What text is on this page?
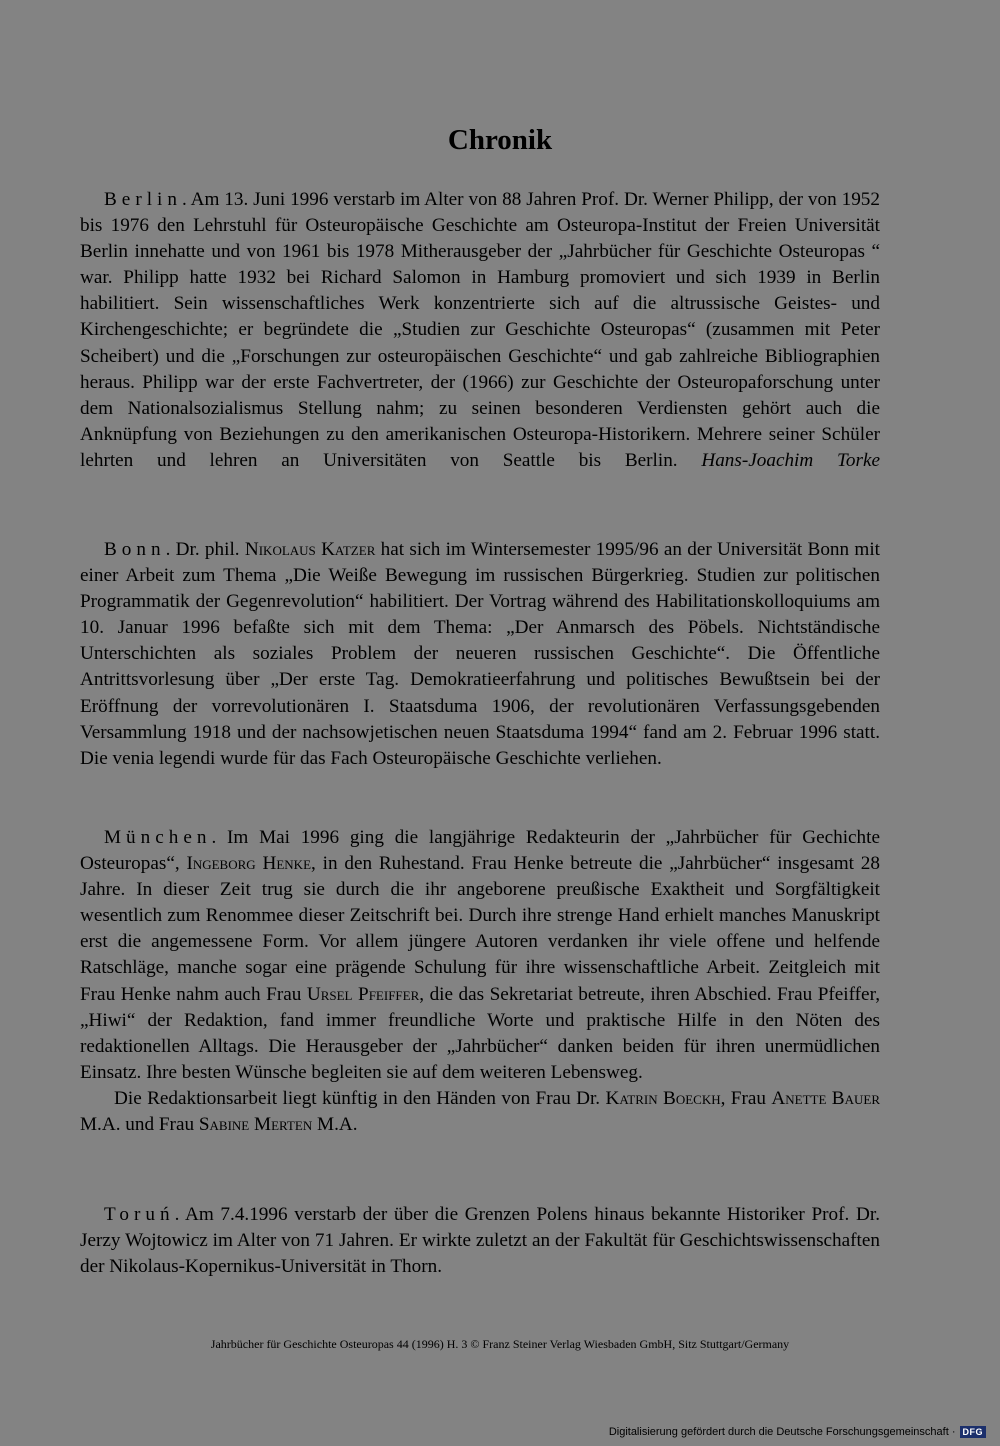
Chronik

Berlin. Am 13. Juni 1996 verstarb im Alter von 88 Jahren Prof. Dr. Werner Philipp, der von 1952 bis 1976 den Lehrstuhl für Osteuropäische Geschichte am Osteuropa-Institut der Freien Universität Berlin innehatte und von 1961 bis 1978 Mitherausgeber der „Jahrbücher für Geschichte Osteuropas “ war. Philipp hatte 1932 bei Richard Salomon in Hamburg promoviert und sich 1939 in Berlin habilitiert. Sein wissenschaftliches Werk konzentrierte sich auf die altrussische Geistes- und Kirchengeschichte; er begründete die „Studien zur Geschichte Osteuropas“ (zusammen mit Peter Scheibert) und die „Forschungen zur osteuropäischen Geschichte“ und gab zahlreiche Bibliographien heraus. Philipp war der erste Fachvertreter, der (1966) zur Geschichte der Osteuropaforschung unter dem Nationalsozialismus Stellung nahm; zu seinen besonderen Verdiensten gehört auch die Anknüpfung von Beziehungen zu den amerikanischen Osteuropa-Historikern. Mehrere seiner Schüler lehrten und lehren an Universitäten von Seattle bis Berlin. Hans-Joachim Torke

Bonn. Dr. phil. Nikolaus Katzer hat sich im Wintersemester 1995/96 an der Universität Bonn mit einer Arbeit zum Thema „Die Weiße Bewegung im russischen Bürgerkrieg. Studien zur politischen Programmatik der Gegenrevolution“ habilitiert. Der Vortrag während des Habilitationskolloquiums am 10. Januar 1996 befaßte sich mit dem Thema: „Der Anmarsch des Pöbels. Nichtständische Unterschichten als soziales Problem der neueren russischen Geschichte“. Die Öffentliche Antrittsvorlesung über „Der erste Tag. Demokratieerfahrung und politisches Bewußtsein bei der Eröffnung der vorrevolutionären I. Staatsduma 1906, der revolutionären Verfassungsgebenden Versammlung 1918 und der nachsowjetischen neuen Staatsduma 1994“ fand am 2. Februar 1996 statt. Die venia legendi wurde für das Fach Osteuropäische Geschichte verliehen.

München. Im Mai 1996 ging die langjährige Redakteurin der „Jahrbücher für Gechichte Osteuropas“, Ingeborg Henke, in den Ruhestand. Frau Henke betreute die „Jahrbücher“ insgesamt 28 Jahre. In dieser Zeit trug sie durch die ihr angeborene preußische Exaktheit und Sorgfältigkeit wesentlich zum Renommee dieser Zeitschrift bei. Durch ihre strenge Hand erhielt manches Manuskript erst die angemessene Form. Vor allem jüngere Autoren verdanken ihr viele offene und helfende Ratschläge, manche sogar eine prägende Schulung für ihre wissenschaftliche Arbeit. Zeitgleich mit Frau Henke nahm auch Frau Ursel Pfeiffer, die das Sekretariat betreute, ihren Abschied. Frau Pfeiffer, „Hiwi“ der Redaktion, fand immer freundliche Worte und praktische Hilfe in den Nöten des redaktionellen Alltags. Die Herausgeber der „Jahrbücher“ danken beiden für ihren unermüdlichen Einsatz. Ihre besten Wünsche begleiten sie auf dem weiteren Lebensweg.

Die Redaktionsarbeit liegt künftig in den Händen von Frau Dr. Katrin Boeckh, Frau Anette Bauer M.A. und Frau Sabine Merten M.A.

Toruń. Am 7.4.1996 verstarb der über die Grenzen Polens hinaus bekannte Historiker Prof. Dr. Jerzy Wojtowicz im Alter von 71 Jahren. Er wirkte zuletzt an der Fakultät für Geschichtswissenschaften der Nikolaus-Kopernikus-Universität in Thorn.

Jahrbücher für Geschichte Osteuropas 44 (1996) H. 3 © Franz Steiner Verlag Wiesbaden GmbH, Sitz Stuttgart/Germany
Digitalisierung gefördert durch die Deutsche Forschungsgemeinschaft · DFG
